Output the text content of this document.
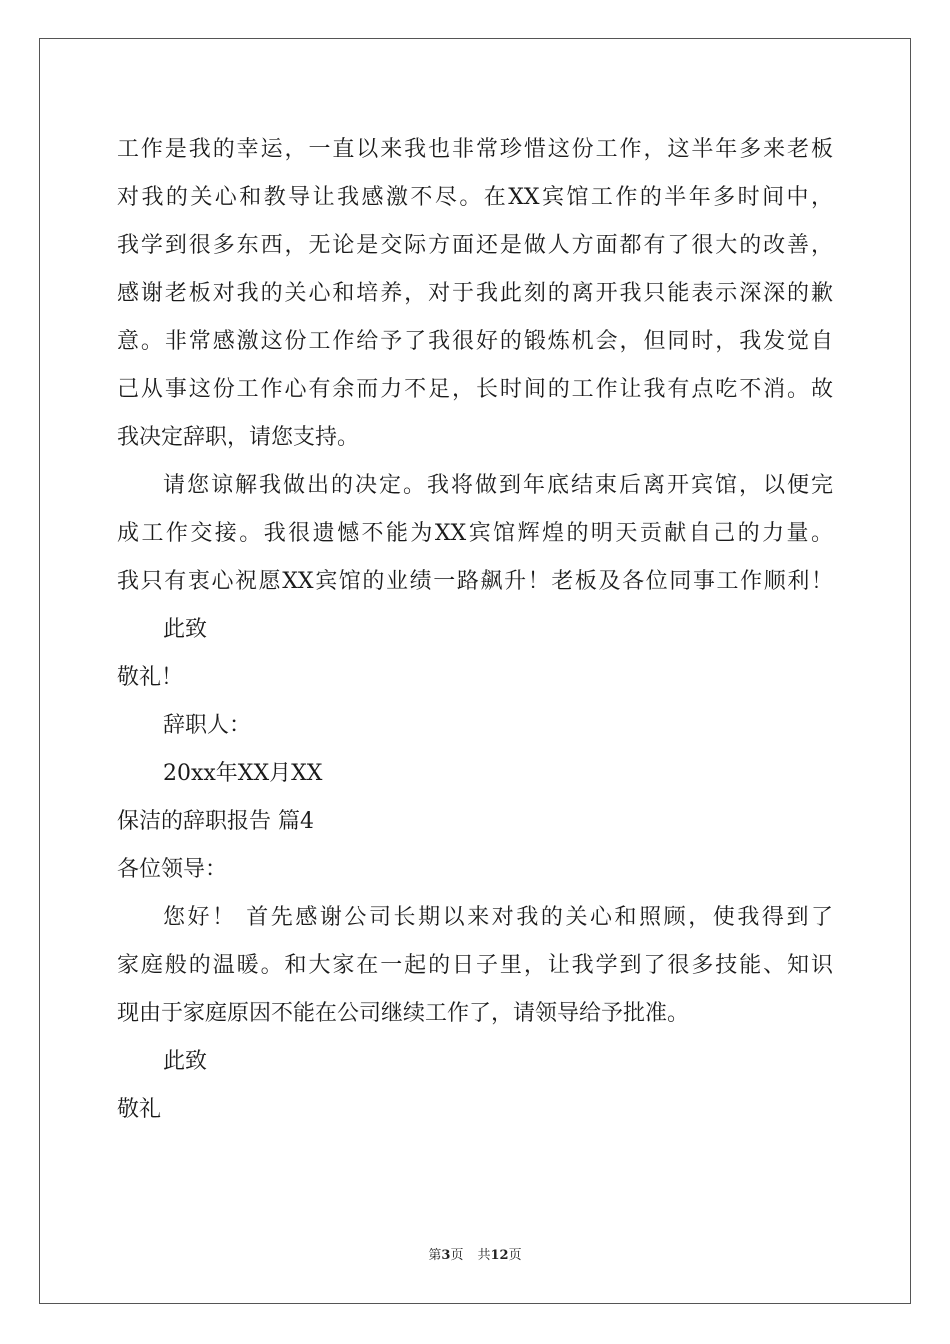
工作是我的幸运，一直以来我也非常珍惜这份工作，这半年多来老板
对我的关心和教导让我感激不尽。在XX宾馆工作的半年多时间中，
我学到很多东西，无论是交际方面还是做人方面都有了很大的改善，
感谢老板对我的关心和培养，对于我此刻的离开我只能表示深深的歉
意。非常感激这份工作给予了我很好的锻炼机会，但同时，我发觉自
己从事这份工作心有余而力不足，长时间的工作让我有点吃不消。故
我决定辞职，请您支持。
请您谅解我做出的决定。我将做到年底结束后离开宾馆，以便完
成工作交接。我很遗憾不能为XX宾馆辉煌的明天贡献自己的力量。
我只有衷心祝愿XX宾馆的业绩一路飙升！老板及各位同事工作顺利！
此致
敬礼！
辞职人：
20xx年XX月XX
保洁的辞职报告 篇4
各位领导：
您好！ 首先感谢公司长期以来对我的关心和照顾，使我得到了
家庭般的温暖。和大家在一起的日子里，让我学到了很多技能、知识
现由于家庭原因不能在公司继续工作了，请领导给予批准。
此致
敬礼
第3页 共12页
